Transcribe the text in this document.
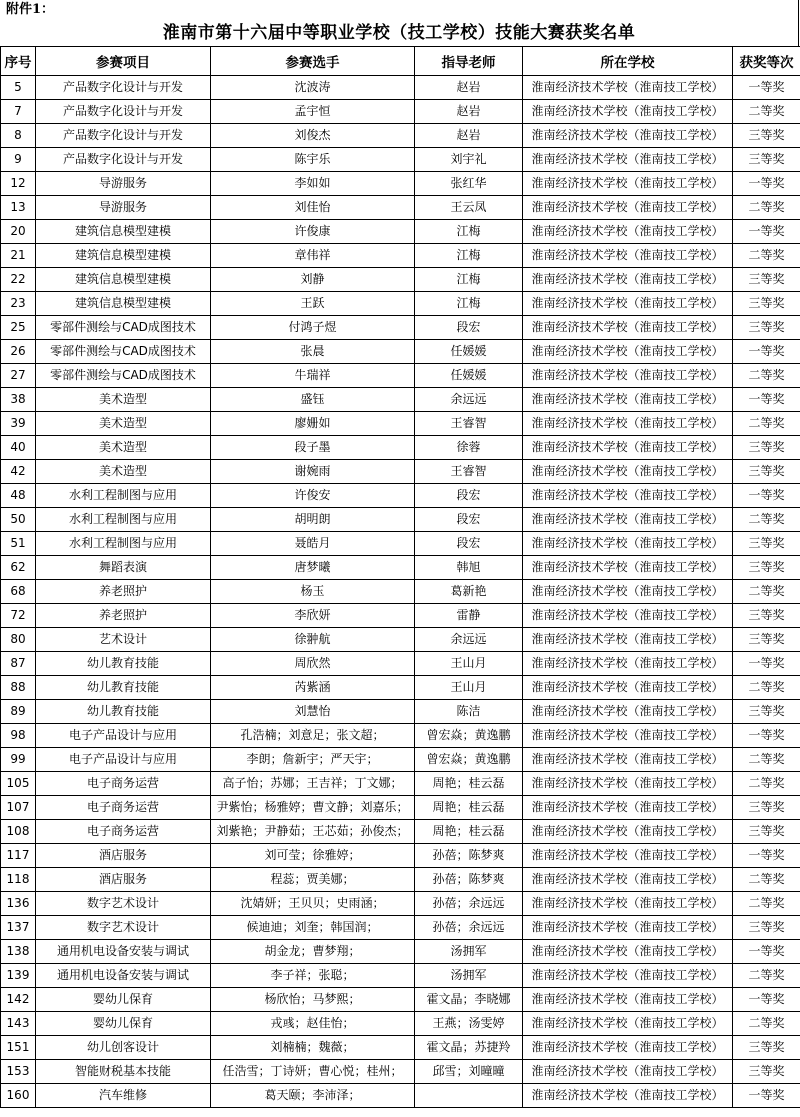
附件1：
淮南市第十六届中等职业学校（技工学校）技能大赛获奖名单
序号	参赛项目	参赛选手	指导老师	所在学校	获奖等次
5	产品数字化设计与开发	沈波涛	赵岩	淮南经济技术学校（淮南技工学校）	一等奖
7	产品数字化设计与开发	孟宇恒	赵岩	淮南经济技术学校（淮南技工学校）	二等奖
8	产品数字化设计与开发	刘俊杰	赵岩	淮南经济技术学校（淮南技工学校）	三等奖
9	产品数字化设计与开发	陈宇乐	刘宇礼	淮南经济技术学校（淮南技工学校）	三等奖
12	导游服务	李如如	张红华	淮南经济技术学校（淮南技工学校）	一等奖
13	导游服务	刘佳怡	王云凤	淮南经济技术学校（淮南技工学校）	二等奖
20	建筑信息模型建模	许俊康	江梅	淮南经济技术学校（淮南技工学校）	一等奖
21	建筑信息模型建模	章伟祥	江梅	淮南经济技术学校（淮南技工学校）	二等奖
22	建筑信息模型建模	刘静	江梅	淮南经济技术学校（淮南技工学校）	三等奖
23	建筑信息模型建模	王跃	江梅	淮南经济技术学校（淮南技工学校）	三等奖
25	零部件测绘与CAD成图技术	付鸿子煜	段宏	淮南经济技术学校（淮南技工学校）	三等奖
26	零部件测绘与CAD成图技术	张晨	任媛媛	淮南经济技术学校（淮南技工学校）	一等奖
27	零部件测绘与CAD成图技术	牛瑞祥	任媛媛	淮南经济技术学校（淮南技工学校）	二等奖
38	美术造型	盛钰	余远远	淮南经济技术学校（淮南技工学校）	一等奖
39	美术造型	廖姗如	王睿智	淮南经济技术学校（淮南技工学校）	二等奖
40	美术造型	段子墨	徐蓉	淮南经济技术学校（淮南技工学校）	三等奖
42	美术造型	谢婉雨	王睿智	淮南经济技术学校（淮南技工学校）	三等奖
48	水利工程制图与应用	许俊安	段宏	淮南经济技术学校（淮南技工学校）	一等奖
50	水利工程制图与应用	胡明朗	段宏	淮南经济技术学校（淮南技工学校）	二等奖
51	水利工程制图与应用	聂皓月	段宏	淮南经济技术学校（淮南技工学校）	三等奖
62	舞蹈表演	唐梦曦	韩旭	淮南经济技术学校（淮南技工学校）	三等奖
68	养老照护	杨玉	葛新艳	淮南经济技术学校（淮南技工学校）	二等奖
72	养老照护	李欣妍	雷静	淮南经济技术学校（淮南技工学校）	三等奖
80	艺术设计	徐翀航	余远远	淮南经济技术学校（淮南技工学校）	三等奖
87	幼儿教育技能	周欣然	王山月	淮南经济技术学校（淮南技工学校）	一等奖
88	幼儿教育技能	芮紫涵	王山月	淮南经济技术学校（淮南技工学校）	二等奖
89	幼儿教育技能	刘慧怡	陈洁	淮南经济技术学校（淮南技工学校）	三等奖
98	电子产品设计与应用	孔浩楠；刘意足；张文超；	曾宏焱；黄逸鹏	淮南经济技术学校（淮南技工学校）	一等奖
99	电子产品设计与应用	李朗；詹新宇；严天宇；	曾宏焱；黄逸鹏	淮南经济技术学校（淮南技工学校）	二等奖
105	电子商务运营	高子怡；苏娜；王吉祥；丁文娜；	周艳；桂云磊	淮南经济技术学校（淮南技工学校）	二等奖
107	电子商务运营	尹紫怡；杨雅婷；曹文静；刘嘉乐；	周艳；桂云磊	淮南经济技术学校（淮南技工学校）	三等奖
108	电子商务运营	刘紫艳；尹静茹；王芯茹；孙俊杰；	周艳；桂云磊	淮南经济技术学校（淮南技工学校）	三等奖
117	酒店服务	刘可莹；徐雅婷；	孙蓓；陈梦爽	淮南经济技术学校（淮南技工学校）	一等奖
118	酒店服务	程蕊；贾美娜；	孙蓓；陈梦爽	淮南经济技术学校（淮南技工学校）	二等奖
136	数字艺术设计	沈婧妍；王贝贝；史雨涵；	孙蓓；余远远	淮南经济技术学校（淮南技工学校）	二等奖
137	数字艺术设计	候迪迪；刘奎；韩国润；	孙蓓；余远远	淮南经济技术学校（淮南技工学校）	三等奖
138	通用机电设备安装与调试	胡金龙；曹梦翔；	汤拥军	淮南经济技术学校（淮南技工学校）	一等奖
139	通用机电设备安装与调试	李子祥；张聪；	汤拥军	淮南经济技术学校（淮南技工学校）	二等奖
142	婴幼儿保育	杨欣怡；马梦熙；	霍文晶；李晓娜	淮南经济技术学校（淮南技工学校）	一等奖
143	婴幼儿保育	戎彧；赵佳怡；	王燕；汤雯婷	淮南经济技术学校（淮南技工学校）	二等奖
151	幼儿创客设计	刘楠楠；魏薇；	霍文晶；苏捷羚	淮南经济技术学校（淮南技工学校）	三等奖
153	智能财税基本技能	任浩雪；丁诗妍；曹心悦；桂州；	邱雪；刘曈曈	淮南经济技术学校（淮南技工学校）	三等奖
160	汽车维修	葛天颐；李沛泽；		淮南经济技术学校（淮南技工学校）	一等奖
